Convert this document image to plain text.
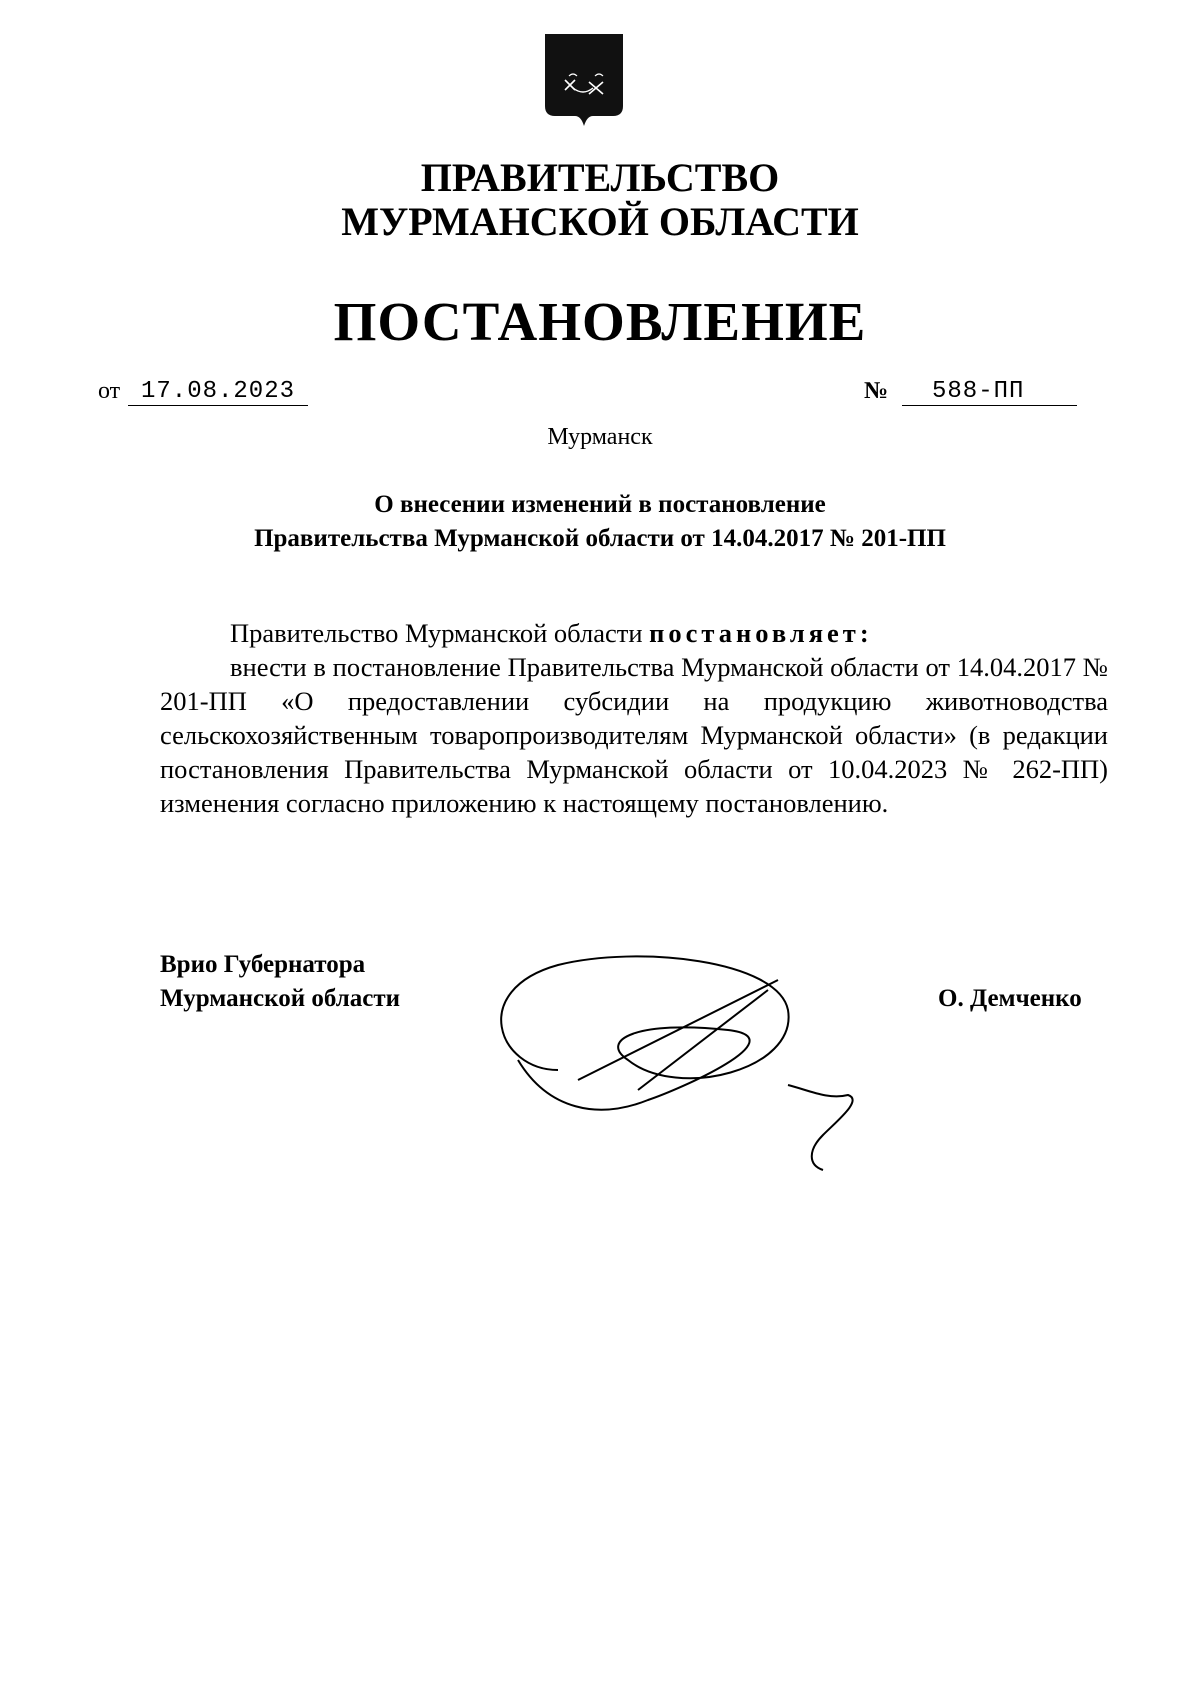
ПРАВИТЕЛЬСТВО
МУРМАНСКОЙ ОБЛАСТИ
ПОСТАНОВЛЕНИЕ
от 17.08.2023	№	588-ПП
Мурманск
О внесении изменений в постановление
Правительства Мурманской области от 14.04.2017 № 201-ПП

Правительство Мурманской области постановляет:

внести в постановление Правительства Мурманской области от 14.04.2017 № 201-ПП «О предоставлении субсидии на продукцию животноводства сельскохозяйственным товаропроизводителям Мурманской области» (в редакции постановления Правительства Мурманской области от 10.04.2023 № 262-ПП) изменения согласно приложению к настоящему постановлению.

Врио Губернатора
Мурманской области	О. Демченко
